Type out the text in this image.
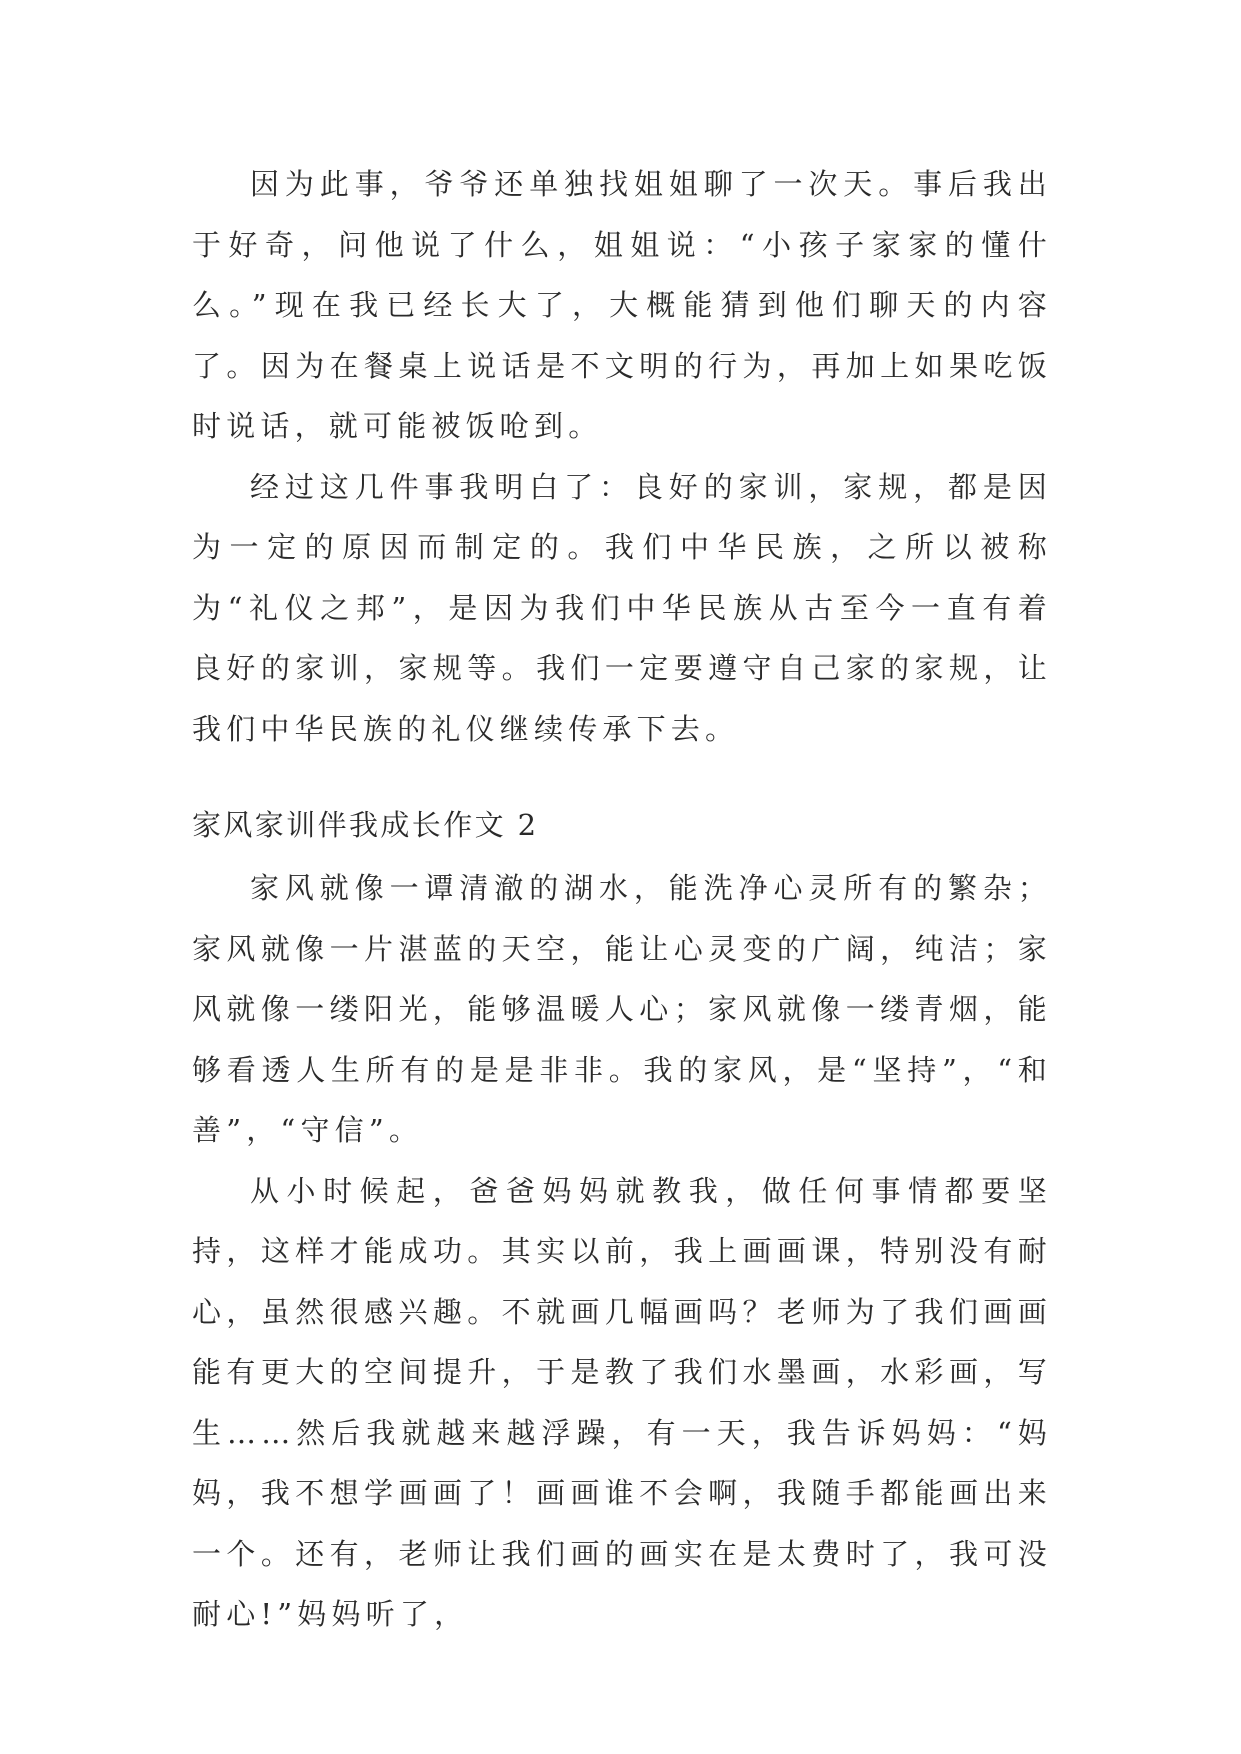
因为此事，爷爷还单独找姐姐聊了一次天。事后我出于好奇，问他说了什么，姐姐说：“小孩子家家的懂什么。”现在我已经长大了，大概能猜到他们聊天的内容了。因为在餐桌上说话是不文明的行为，再加上如果吃饭时说话，就可能被饭呛到。

经过这几件事我明白了：良好的家训，家规，都是因为一定的原因而制定的。我们中华民族，之所以被称为“礼仪之邦”，是因为我们中华民族从古至今一直有着良好的家训，家规等。我们一定要遵守自己家的家规，让我们中华民族的礼仪继续传承下去。

家风家训伴我成长作文 2

家风就像一谭清澈的湖水，能洗净心灵所有的繁杂；家风就像一片湛蓝的天空，能让心灵变的广阔，纯洁；家风就像一缕阳光，能够温暖人心；家风就像一缕青烟，能够看透人生所有的是是非非。我的家风，是“坚持”，“和善”，“守信”。

从小时候起，爸爸妈妈就教我，做任何事情都要坚持，这样才能成功。其实以前，我上画画课，特别没有耐心，虽然很感兴趣。不就画几幅画吗？老师为了我们画画能有更大的空间提升，于是教了我们水墨画，水彩画，写生……然后我就越来越浮躁，有一天，我告诉妈妈：“妈妈，我不想学画画了！画画谁不会啊，我随手都能画出来一个。还有，老师让我们画的画实在是太费时了，我可没耐心!”妈妈听了，
